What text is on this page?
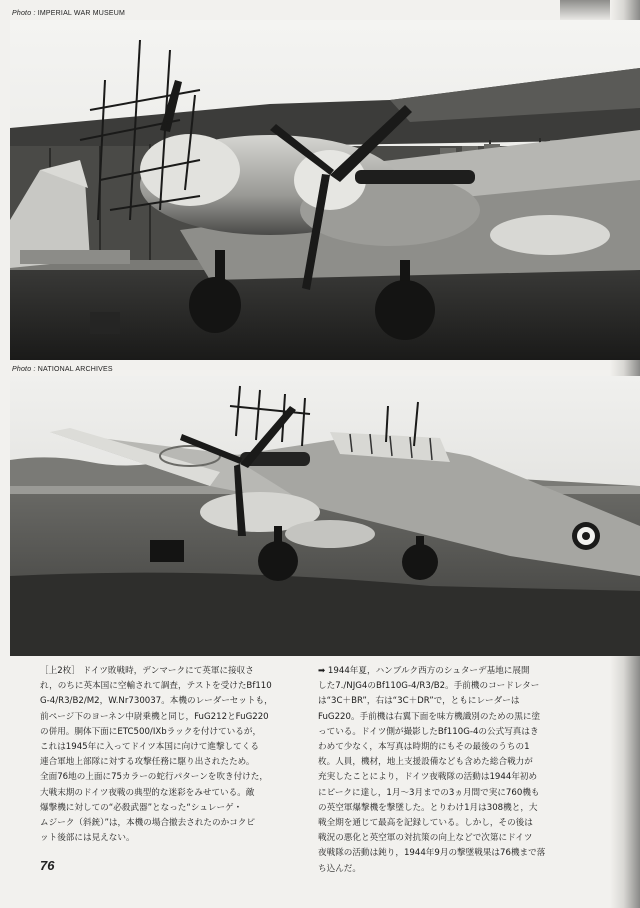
Photo : IMPERIAL WAR MUSEUM
Photo : NATIONAL ARCHIVES

［上2枚］ ドイツ敗戦時，デンマークにて英軍に接収さ

れ，のちに英本国に空輸されて調査，テストを受けたBf110

G-4/R3/B2/M2，W.Nr730037。本機のレーダーセットも，

前ページ下のヨーネン中尉乗機と同じ，FuG212とFuG220

の併用。胴体下面にETC500/IXbラックを付けているが，

これは1945年に入ってドイツ本国に向けて進撃してくる

連合軍地上部隊に対する攻撃任務に駆り出されたため。

全面76地の上面に75カラーの蛇行パターンを吹き付けた，

大戦末期のドイツ夜戦の典型的な迷彩をみせている。敵

爆撃機に対しての“必殺武器”となった“シュレーゲ・

ムジーク（斜銃）”は，本機の場合撤去されたのかコクピ

ット後部には見えない。

➡ 1944年夏，ハンブルク西方のシュターデ基地に展開

した7./NJG4のBf110G-4/R3/B2。手前機のコードレター

は“3C＋BR”，右は“3C＋DR”で，ともにレーダーは

FuG220。手前機は右翼下面を味方機識別のための黒に塗

っている。ドイツ側が撮影したBf110G-4の公式写真はき

わめて少なく，本写真は時期的にもその最後のうちの1

枚。人員，機材，地上支援設備なども含めた総合戦力が

充実したことにより，ドイツ夜戦隊の活動は1944年初め

にピークに達し，1月〜3月までの3ヵ月間で実に760機も

の英空軍爆撃機を撃墜した。とりわけ1月は308機と，大

戦全期を通じて最高を記録している。しかし，その後は

戦況の悪化と英空軍の対抗策の向上などで次第にドイツ

夜戦隊の活動は鈍り，1944年9月の撃墜戦果は76機まで落

ち込んだ。

76
